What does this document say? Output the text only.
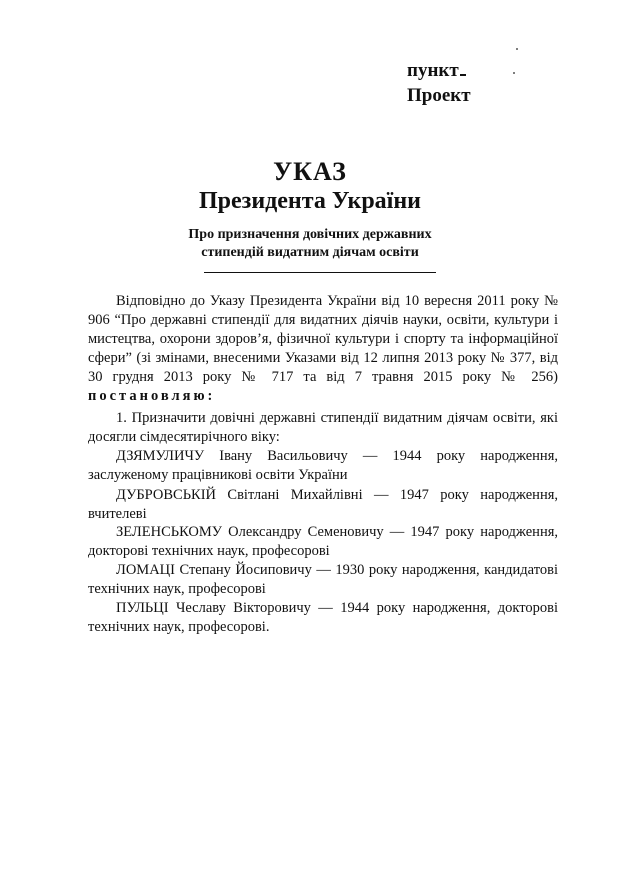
пункт
Проект
УКАЗ
Президента України
Про призначення довічних державних
стипендій видатним діячам освіти
Відповідно до Указу Президента України від 10 вересня 2011 року № 906 “Про державні стипендії для видатних діячів науки, освіти, культури і мистецтва, охорони здоров’я, фізичної культури і спорту та інформаційної сфери” (зі змінами, внесеними Указами від 12 липня 2013 року № 377, від 30 грудня 2013 року № 717 та від 7 травня 2015 року № 256) постановляю:
1. Призначити довічні державні стипендії видатним діячам освіти, які досягли сімдесятирічного віку:
ДЗЯМУЛИЧУ Івану Васильовичу — 1944 року народження, заслуженому працівникові освіти України
ДУБРОВСЬКІЙ Світлані Михайлівні — 1947 року народження, вчителеві
ЗЕЛЕНСЬКОМУ Олександру Семеновичу — 1947 року народження, докторові технічних наук, професорові
ЛОМАЦІ Степану Йосиповичу — 1930 року народження, кандидатові технічних наук, професорові
ПУЛЬЦІ Чеславу Вікторовичу — 1944 року народження, докторові технічних наук, професорові.
